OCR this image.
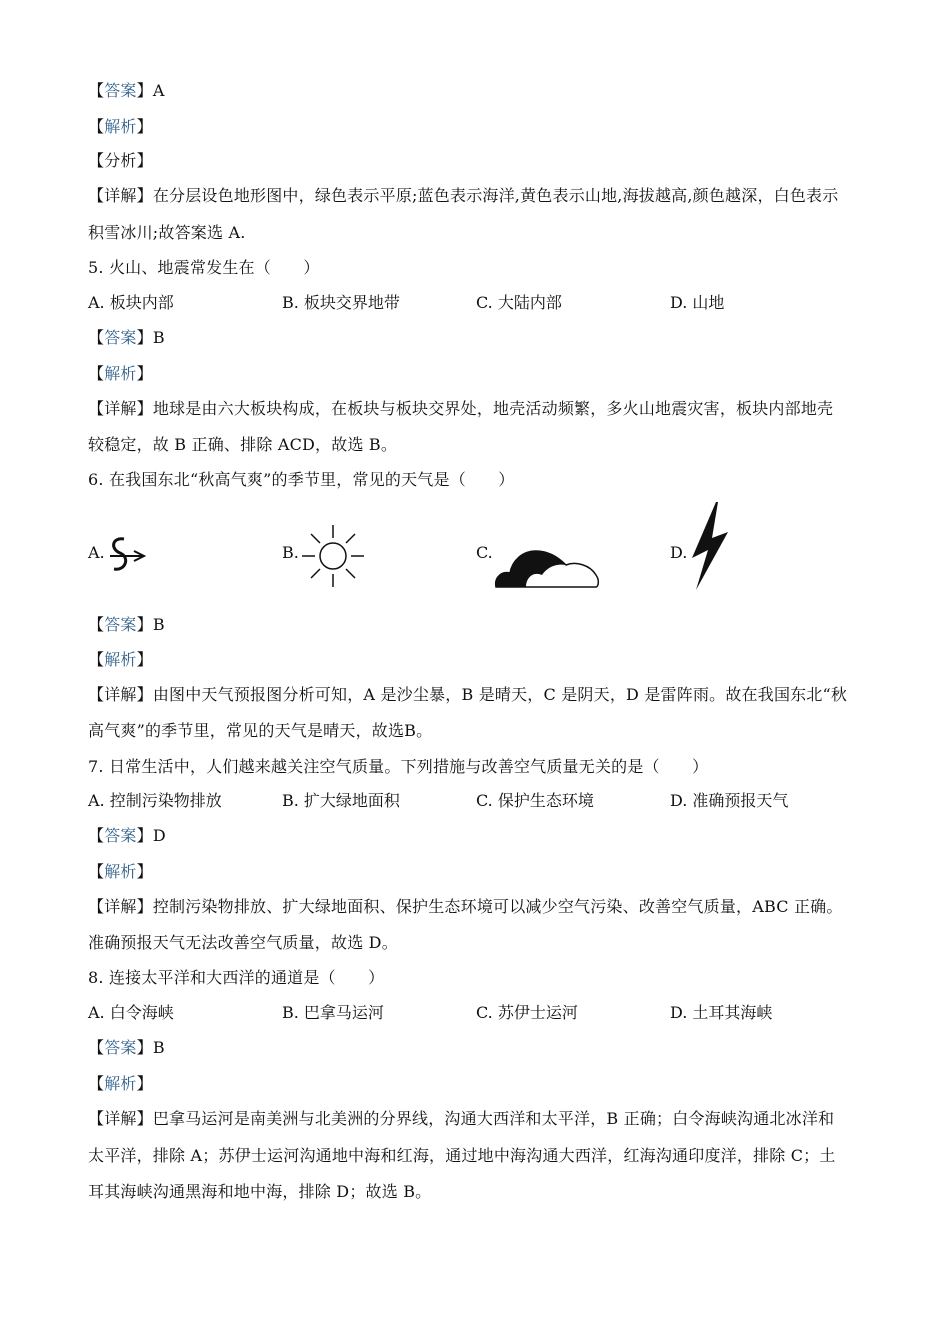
【答案】A
【解析】
【分析】
【详解】在分层设色地形图中，绿色表示平原;蓝色表示海洋,黄色表示山地,海拔越高,颜色越深，白色表示
积雪冰川;故答案选 A.
5. 火山、地震常发生在（　　）
A. 板块内部	B. 板块交界地带	C. 大陆内部	D. 山地
【答案】B
【解析】
【详解】地球是由六大板块构成，在板块与板块交界处，地壳活动频繁，多火山地震灾害，板块内部地壳
较稳定，故 B 正确、排除 ACD，故选 B。
6. 在我国东北“秋高气爽”的季节里，常见的天气是（　　）
A.	B.	C.	D.
【答案】B
【解析】
【详解】由图中天气预报图分析可知，A 是沙尘暴，B 是晴天，C 是阴天，D 是雷阵雨。故在我国东北“秋
高气爽”的季节里，常见的天气是晴天，故选B。
7. 日常生活中，人们越来越关注空气质量。下列措施与改善空气质量无关的是（　　）
A. 控制污染物排放	B. 扩大绿地面积	C. 保护生态环境	D. 准确预报天气
【答案】D
【解析】
【详解】控制污染物排放、扩大绿地面积、保护生态环境可以减少空气污染、改善空气质量，ABC 正确。
准确预报天气无法改善空气质量，故选 D。
8. 连接太平洋和大西洋的通道是（　　）
A. 白令海峡	B. 巴拿马运河	C. 苏伊士运河	D. 土耳其海峡
【答案】B
【解析】
【详解】巴拿马运河是南美洲与北美洲的分界线，沟通大西洋和太平洋，B 正确；白令海峡沟通北冰洋和
太平洋，排除 A；苏伊士运河沟通地中海和红海，通过地中海沟通大西洋，红海沟通印度洋，排除 C；土
耳其海峡沟通黑海和地中海，排除 D；故选 B。
